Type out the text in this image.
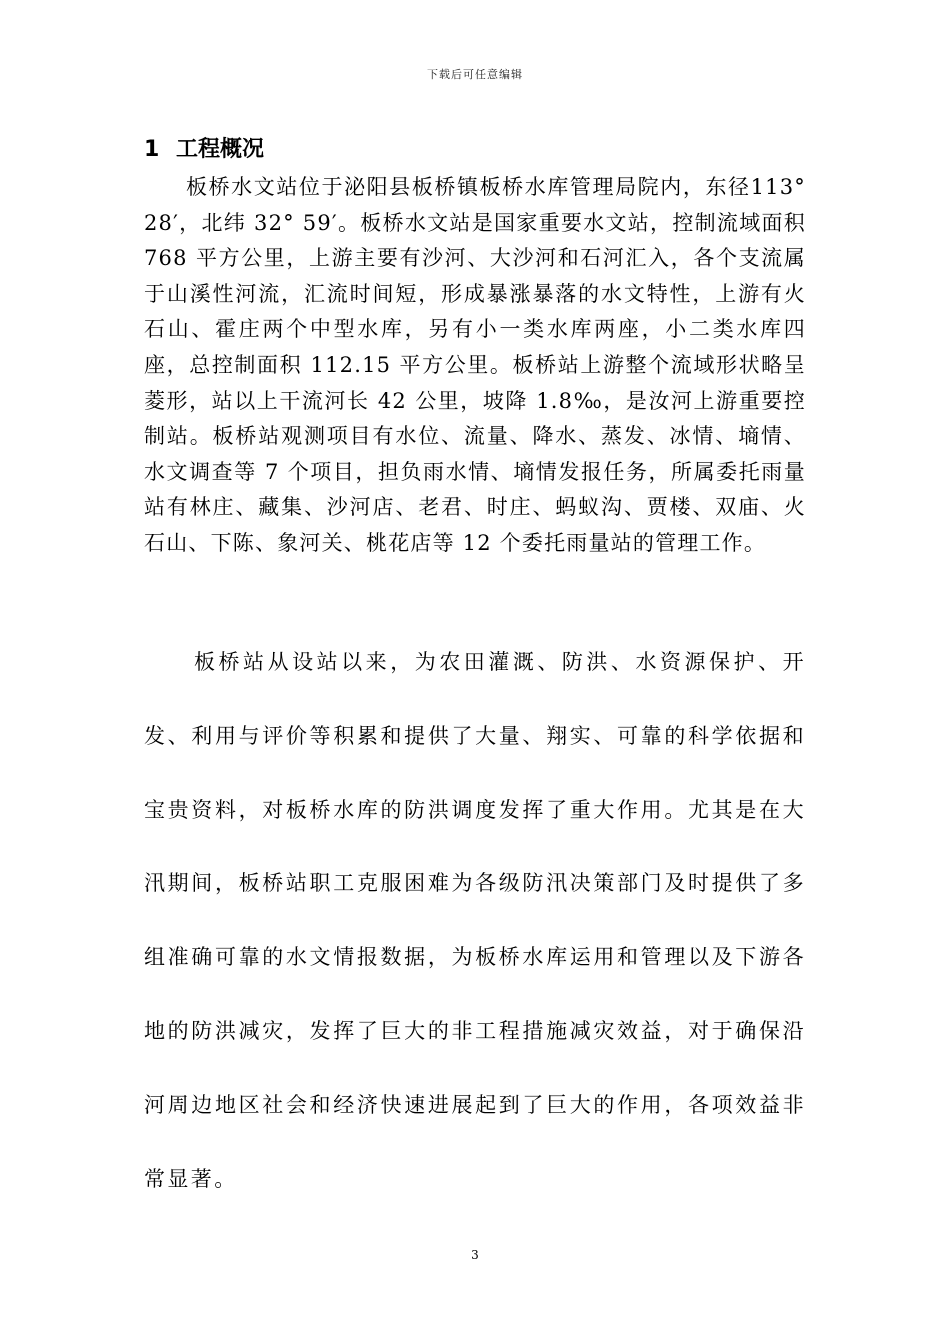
下载后可任意编辑
1 工程概况

板桥水文站位于泌阳县板桥镇板桥水库管理局院内，东径113° 28′，北纬 32° 59′。板桥水文站是国家重要水文站，控制流域面积 768 平方公里，上游主要有沙河、大沙河和石河汇入，各个支流属于山溪性河流，汇流时间短，形成暴涨暴落的水文特性，上游有火石山、霍庄两个中型水库，另有小一类水库两座，小二类水库四座，总控制面积 112.15 平方公里。板桥站上游整个流域形状略呈菱形，站以上干流河长 42 公里，坡降 1.8‰，是汝河上游重要控制站。板桥站观测项目有水位、流量、降水、蒸发、冰情、墒情、水文调查等 7 个项目，担负雨水情、墒情发报任务，所属委托雨量站有林庄、藏集、沙河店、老君、时庄、蚂蚁沟、贾楼、双庙、火石山、下陈、象河关、桃花店等 12 个委托雨量站的管理工作。

板桥站从设站以来，为农田灌溉、防洪、水资源保护、开发、利用与评价等积累和提供了大量、翔实、可靠的科学依据和宝贵资料，对板桥水库的防洪调度发挥了重大作用。尤其是在大汛期间，板桥站职工克服困难为各级防汛决策部门及时提供了多组准确可靠的水文情报数据，为板桥水库运用和管理以及下游各地的防洪减灾，发挥了巨大的非工程措施减灾效益，对于确保沿河周边地区社会和经济快速进展起到了巨大的作用，各项效益非常显著。

3
